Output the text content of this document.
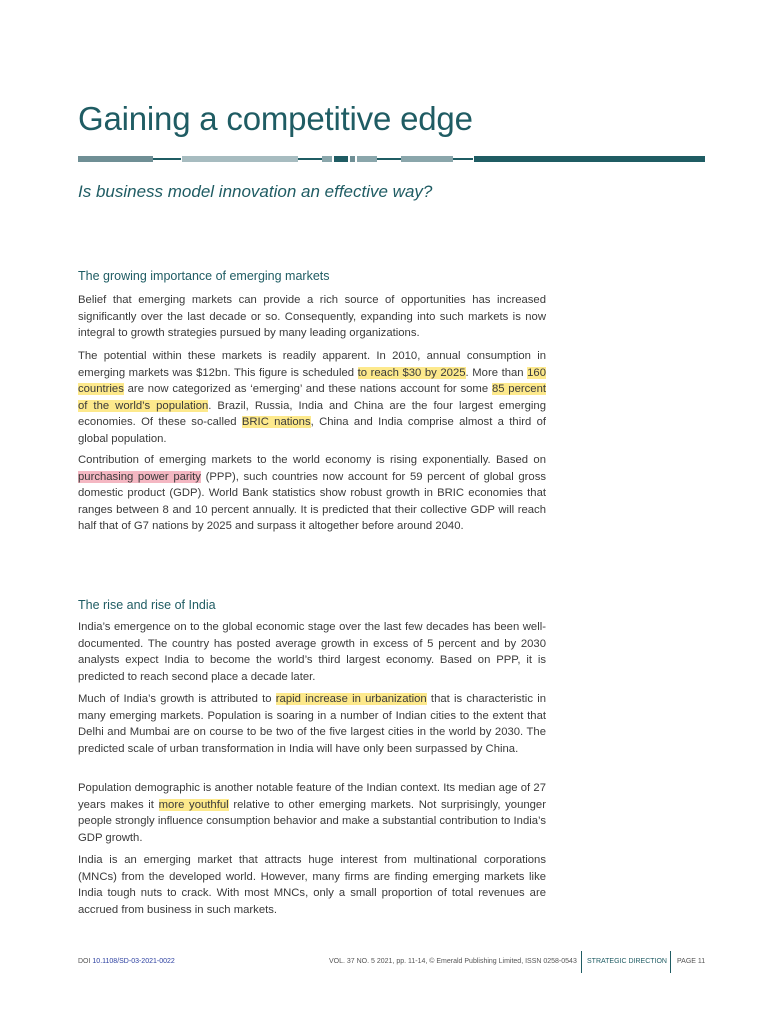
Gaining a competitive edge

Is business model innovation an effective way?

The growing importance of emerging markets

Belief that emerging markets can provide a rich source of opportunities has increased significantly over the last decade or so. Consequently, expanding into such markets is now integral to growth strategies pursued by many leading organizations.

The potential within these markets is readily apparent. In 2010, annual consumption in emerging markets was $12bn. This figure is scheduled to reach $30 by 2025. More than 160 countries are now categorized as ‘emerging’ and these nations account for some 85 percent of the world’s population. Brazil, Russia, India and China are the four largest emerging economies. Of these so-called BRIC nations, China and India comprise almost a third of global population.

Contribution of emerging markets to the world economy is rising exponentially. Based on purchasing power parity (PPP), such countries now account for 59 percent of global gross domestic product (GDP). World Bank statistics show robust growth in BRIC economies that ranges between 8 and 10 percent annually. It is predicted that their collective GDP will reach half that of G7 nations by 2025 and surpass it altogether before around 2040.

The rise and rise of India

India’s emergence on to the global economic stage over the last few decades has been well-documented. The country has posted average growth in excess of 5 percent and by 2030 analysts expect India to become the world’s third largest economy. Based on PPP, it is predicted to reach second place a decade later.

Much of India’s growth is attributed to rapid increase in urbanization that is characteristic in many emerging markets. Population is soaring in a number of Indian cities to the extent that Delhi and Mumbai are on course to be two of the five largest cities in the world by 2030. The predicted scale of urban transformation in India will have only been surpassed by China.

Population demographic is another notable feature of the Indian context. Its median age of 27 years makes it more youthful relative to other emerging markets. Not surprisingly, younger people strongly influence consumption behavior and make a substantial contribution to India’s GDP growth.

India is an emerging market that attracts huge interest from multinational corporations (MNCs) from the developed world. However, many firms are finding emerging markets like India tough nuts to crack. With most MNCs, only a small proportion of total revenues are accrued from business in such markets.

DOI 10.1108/SD-03-2021-0022	VOL. 37 NO. 5 2021, pp. 11-14, © Emerald Publishing Limited, ISSN 0258-0543 STRATEGIC DIRECTION PAGE 11
